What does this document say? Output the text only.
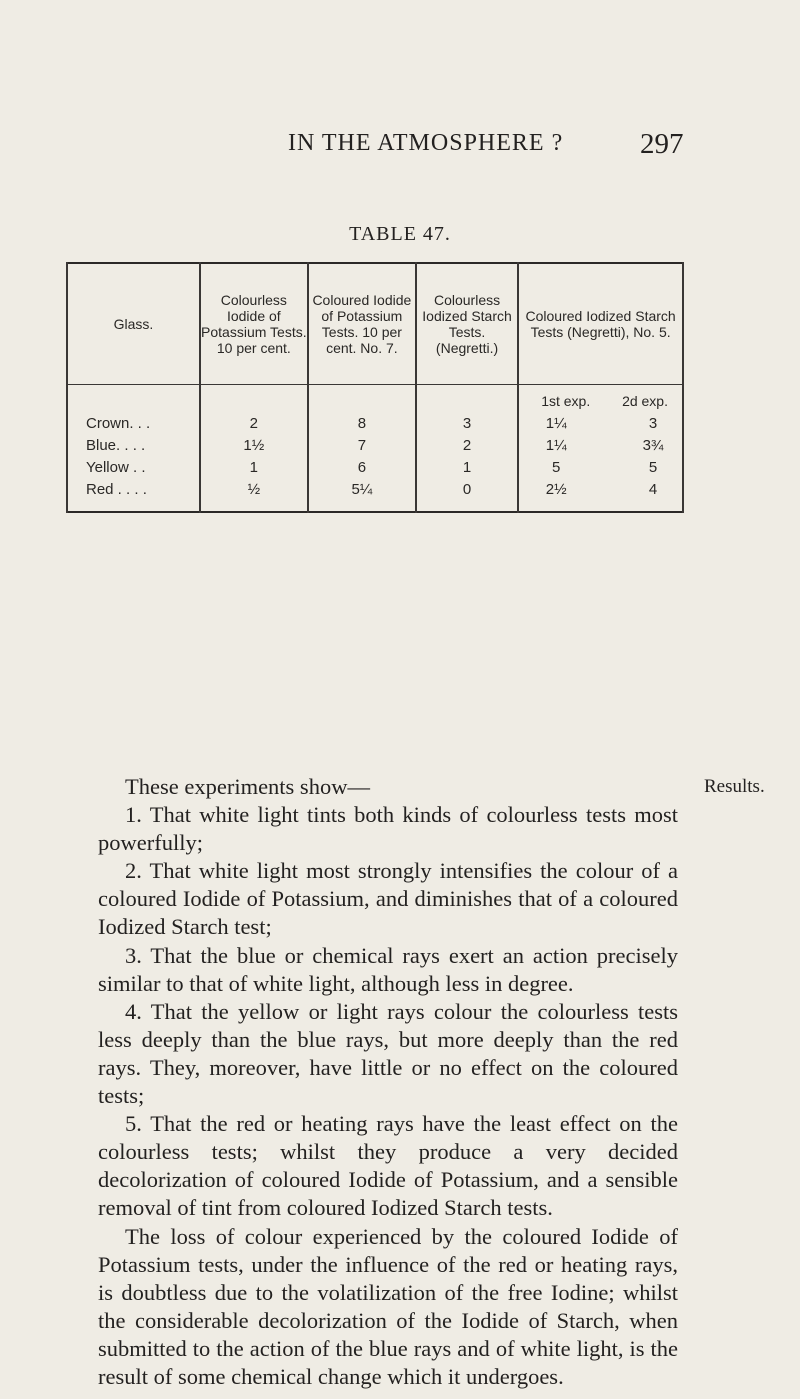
IN THE ATMOSPHERE ?	297
TABLE 47.
Glass.	Colourless Iodide of Potassium Tests. 10 per cent.	Coloured Iodide of Potassium Tests. 10 per cent. No. 7.	Colourless Iodized Starch Tests. (Negretti.)	Coloured Iodized Starch Tests (Negretti), No. 5.

				1st exp. 2d exp.

Crown. . .	2	8	3	1¼ 3

Blue. . . .	1½	7	2	1¼ 3¾

Yellow . .	1	6	1	5 5

Red . . . .	½	5¼	0	2½ 4
Results.

These experiments show—

1. That white light tints both kinds of colourless tests most powerfully;

2. That white light most strongly intensifies the colour of a coloured Iodide of Potassium, and diminishes that of a coloured Iodized Starch test;

3. That the blue or chemical rays exert an action precisely similar to that of white light, although less in degree.

4. That the yellow or light rays colour the colourless tests less deeply than the blue rays, but more deeply than the red rays. They, moreover, have little or no effect on the coloured tests;

5. That the red or heating rays have the least effect on the colourless tests; whilst they produce a very decided decolorization of coloured Iodide of Potassium, and a sensible removal of tint from coloured Iodized Starch tests.

The loss of colour experienced by the coloured Iodide of Potassium tests, under the influence of the red or heating rays, is doubtless due to the volatilization of the free Iodine; whilst the considerable decolorization of the Iodide of Starch, when submitted to the action of the blue rays and of white light, is the result of some chemical change which it undergoes.
